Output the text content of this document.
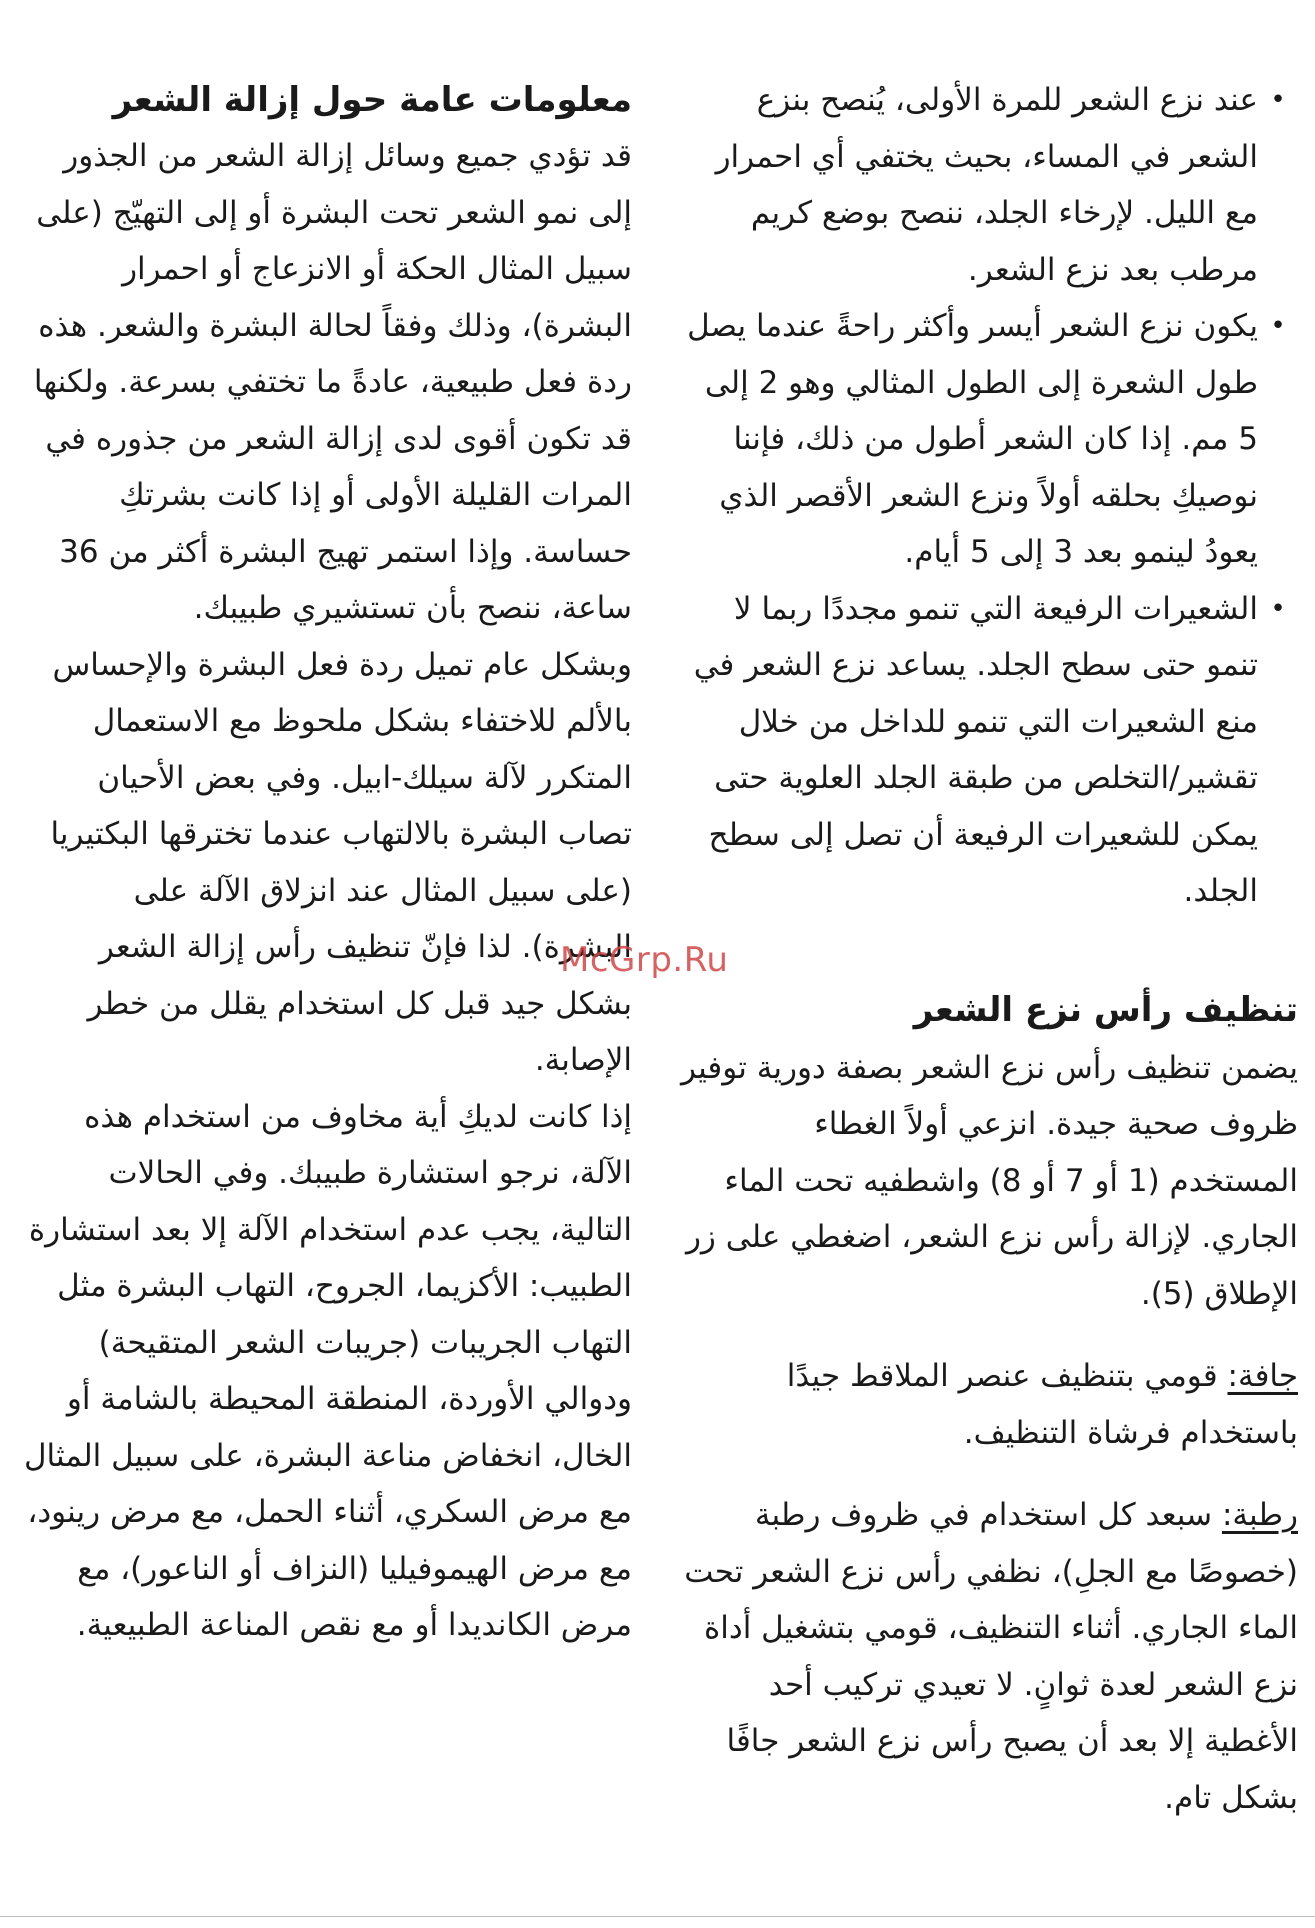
•
عند نزع الشعر للمرة الأولى، يُنصح بنزع الشعر في المساء، بحيث يختفي أي احمرار مع الليل. لإرخاء الجلد، ننصح بوضع كريم مرطب بعد نزع الشعر.
•
يكون نزع الشعر أيسر وأكثر راحةً عندما يصل طول الشعرة إلى الطول المثالي وهو 2 إلى 5 مم. إذا كان الشعر أطول من ذلك، فإننا نوصيكِ بحلقه أولاً ونزع الشعر الأقصر الذي يعودُ لينمو بعد 3 إلى 5 أيام.
•
الشعيرات الرفيعة التي تنمو مجددًا ربما لا تنمو حتى سطح الجلد. يساعد نزع الشعر في منع الشعيرات التي تنمو للداخل من خلال تقشير/التخلص من طبقة الجلد العلوية حتى يمكن للشعيرات الرفيعة أن تصل إلى سطح الجلد.
تنظيف رأس نزع الشعر

يضمن تنظيف رأس نزع الشعر بصفة دورية توفير ظروف صحية جيدة. انزعي أولاً الغطاء المستخدم (1 أو 7 أو 8) واشطفيه تحت الماء الجاري. لإزالة رأس نزع الشعر، اضغطي على زر الإطلاق (5).

جافة: قومي بتنظيف عنصر الملاقط جيدًا باستخدام فرشاة التنظيف.

رطبة: سبعد كل استخدام في ظروف رطبة (خصوصًا مع الجلِ)، نظفي رأس نزع الشعر تحت الماء الجاري. أثناء التنظيف، قومي بتشغيل أداة نزع الشعر لعدة ثوانٍ. لا تعيدي تركيب أحد الأغطية إلا بعد أن يصبح رأس نزع الشعر جافًا بشكل تام.

معلومات عامة حول إزالة الشعر

قد تؤدي جميع وسائل إزالة الشعر من الجذور إلى نمو الشعر تحت البشرة أو إلى التهيّج (على سبيل المثال الحكة أو الانزعاج أو احمرار البشرة)، وذلك وفقاً لحالة البشرة والشعر. هذه ردة فعل طبيعية، عادةً ما تختفي بسرعة. ولكنها قد تكون أقوى لدى إزالة الشعر من جذوره في المرات القليلة الأولى أو إذا كانت بشرتكِ حساسة. وإذا استمر تهيج البشرة أكثر من 36 ساعة، ننصح بأن تستشيري طبيبك.

وبشكل عام تميل ردة فعل البشرة والإحساس بالألم للاختفاء بشكل ملحوظ مع الاستعمال المتكرر لآلة سيلك-ابيل. وفي بعض الأحيان تصاب البشرة بالالتهاب عندما تخترقها البكتيريا (على سبيل المثال عند انزلاق الآلة على البشرة). لذا فإنّ تنظيف رأس إزالة الشعر بشكل جيد قبل كل استخدام يقلل من خطر الإصابة.

إذا كانت لديكِ أية مخاوف من استخدام هذه الآلة، نرجو استشارة طبيبك. وفي الحالات التالية، يجب عدم استخدام الآلة إلا بعد استشارة الطبيب: الأكزيما، الجروح، التهاب البشرة مثل التهاب الجريبات (جريبات الشعر المتقيحة) ودوالي الأوردة، المنطقة المحيطة بالشامة أو الخال، انخفاض مناعة البشرة، على سبيل المثال مع مرض السكري، أثناء الحمل، مع مرض رينود، مع مرض الهيموفيليا (النزاف أو الناعور)، مع مرض الكانديدا أو مع نقص المناعة الطبيعية.

McGrp.Ru
